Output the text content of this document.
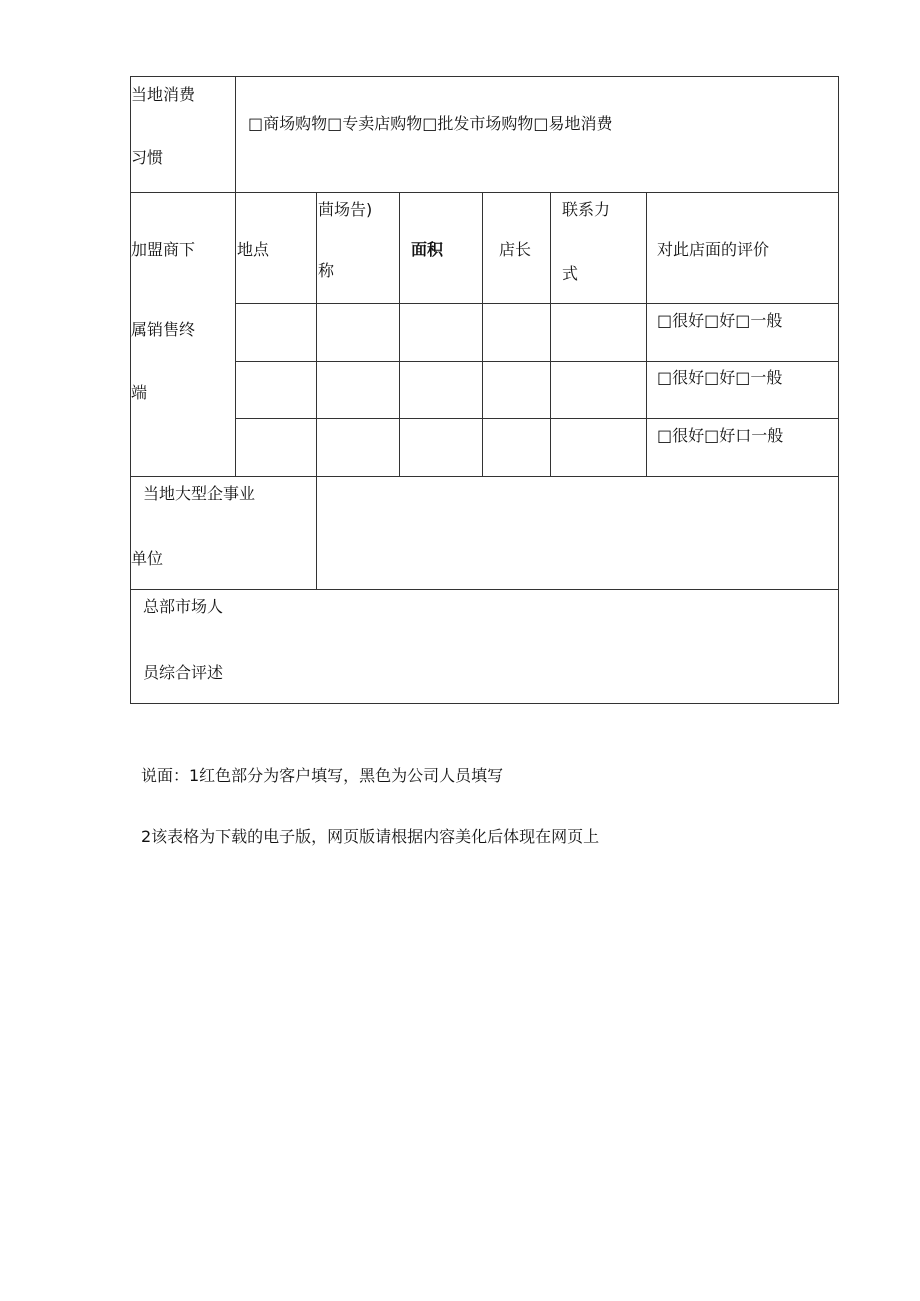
当地消费
习惯
□商场购物□专卖店购物□批发市场购物□易地消费
加盟商下
属销售终
端
地点
茴场告)
称
面积	店长
联系力
式
对此店面的评价
□很好□好□一般
□很好□好□一般
□很好□好口一般
当地大型企事业
单位
总部市场人
员综合评述
说面：1红色部分为客户填写，黑色为公司人员填写
2该表格为下载的电子版，网页版请根据内容美化后体现在网页上
